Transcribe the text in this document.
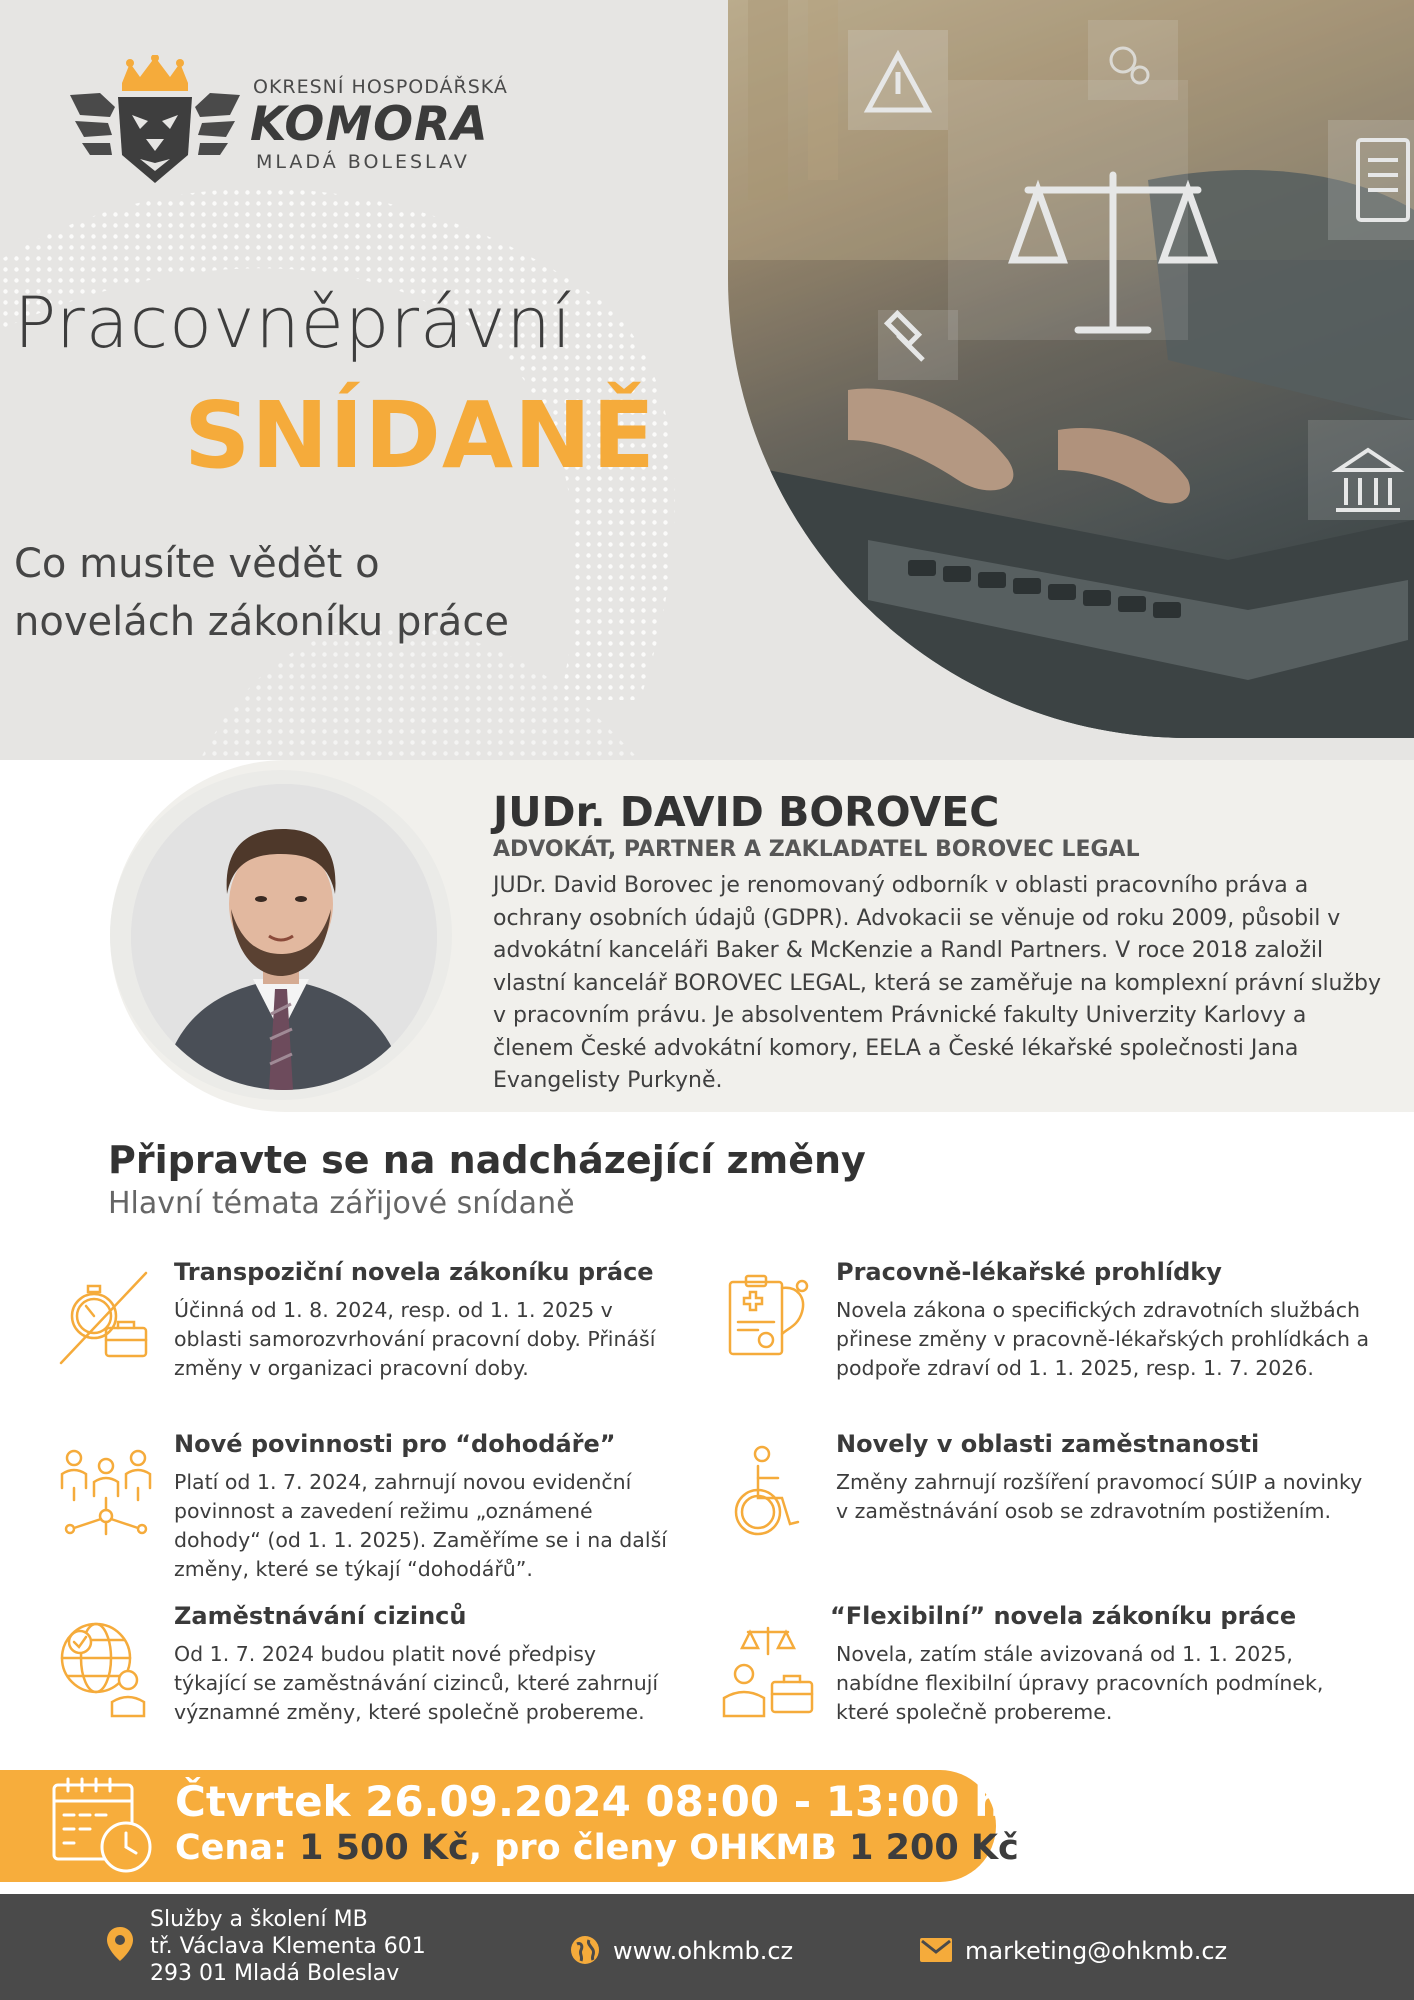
OKRESNÍ HOSPODÁŘSKÁ
KOMORA
MLADÁ BOLESLAV
Pracovněprávní
SNÍDANĚ
Co musíte vědět o
novelách zákoníku práce
JUDr. DAVID BOROVEC
ADVOKÁT, PARTNER A ZAKLADATEL BOROVEC LEGAL
JUDr. David Borovec je renomovaný odborník v oblasti pracovního práva a ochrany osobních údajů (GDPR). Advokacii se věnuje od roku 2009, působil v advokátní kanceláři Baker & McKenzie a Randl Partners. V roce 2018 založil vlastní kancelář BOROVEC LEGAL, která se zaměřuje na komplexní právní služby v pracovním právu. Je absolventem Právnické fakulty Univerzity Karlovy a členem České advokátní komory, EELA a České lékařské společnosti Jana Evangelisty Purkyně.
Připravte se na nadcházející změny
Hlavní témata zářijové snídaně
Transpoziční novela zákoníku práce
Účinná od 1. 8. 2024, resp. od 1. 1. 2025 v oblasti samorozvrhování pracovní doby. Přináší změny v organizaci pracovní doby.
Pracovně-lékařské prohlídky
Novela zákona o specifických zdravotních službách přinese změny v pracovně-lékařských prohlídkách a podpoře zdraví od 1. 1. 2025, resp. 1. 7. 2026.
Nové povinnosti pro “dohodáře”
Platí od 1. 7. 2024, zahrnují novou evidenční povinnost a zavedení režimu „oznámené dohody“ (od 1. 1. 2025). Zaměříme se i na další změny, které se týkají “dohodářů”.
Novely v oblasti zaměstnanosti
Změny zahrnují rozšíření pravomocí SÚIP a novinky v zaměstnávání osob se zdravotním postižením.
Zaměstnávání cizinců
Od 1. 7. 2024 budou platit nové předpisy týkající se zaměstnávání cizinců, které zahrnují významné změny, které společně probereme.
“Flexibilní” novela zákoníku práce
Novela, zatím stále avizovaná od 1. 1. 2025, nabídne flexibilní úpravy pracovních podmínek, které společně probereme.
Čtvrtek 26.09.2024 08:00 - 13:00 hod
Cena: 1 500 Kč, pro členy OHKMB 1 200 Kč
Služby a školení MB
tř. Václava Klementa 601
293 01 Mladá Boleslav
www.ohkmb.cz	marketing@ohkmb.cz
